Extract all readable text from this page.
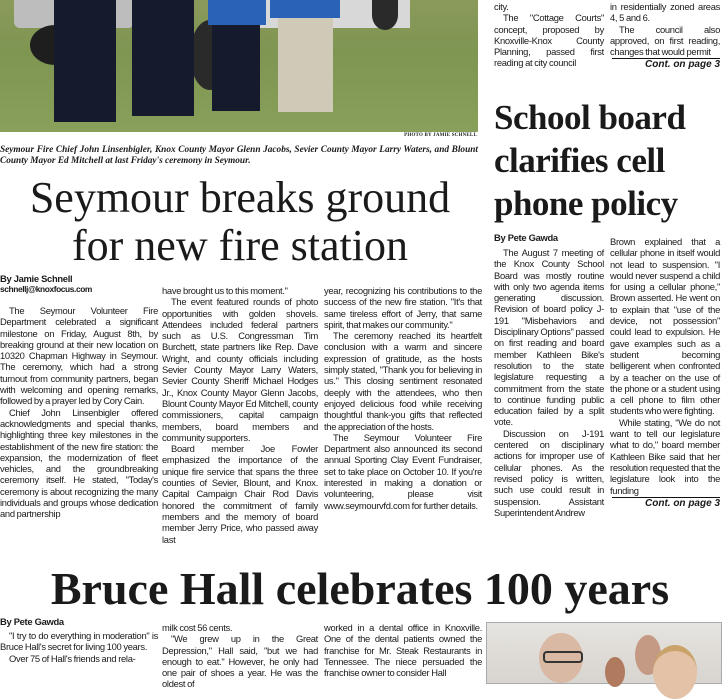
city.

The "Cottage Courts" concept, proposed by Knoxville-Knox County Planning, passed first reading at city council

in residentially zoned areas 4, 5 and 6.

The council also approved, on first reading, changes that would permit

Cont. on page 3
PHOTO BY JAMIE SCHNELL
Seymour Fire Chief John Linsenbigler, Knox County Mayor Glenn Jacobs, Sevier County Mayor Larry Waters, and Blount County Mayor Ed Mitchell at last Friday's ceremony in Seymour.
Seymour breaks ground
for new fire station
By Jamie Schnell
schnellj@knoxfocus.com

The Seymour Volunteer Fire Department celebrated a significant milestone on Friday, August 8th, by breaking ground at their new location on 10320 Chapman Highway in Seymour. The ceremony, which had a strong turnout from community partners, began with welcoming and opening remarks, followed by a prayer led by Cory Cain.

Chief John Linsenbigler offered acknowledgments and special thanks, highlighting three key milestones in the establishment of the new fire station: the expansion, the modernization of fleet vehicles, and the groundbreaking ceremony itself. He stated, "Today's ceremony is about recognizing the many individuals and groups whose dedication and partnership

have brought us to this moment."

The event featured rounds of photo opportunities with golden shovels. Attendees included federal partners such as U.S. Congressman Tim Burchett, state partners like Rep. Dave Wright, and county officials including Sevier County Mayor Larry Waters, Sevier County Sheriff Michael Hodges Jr., Knox County Mayor Glenn Jacobs, Blount County Mayor Ed Mitchell, county commissioners, capital campaign members, board members and community supporters.

Board member Joe Fowler emphasized the importance of the unique fire service that spans the three counties of Sevier, Blount, and Knox. Capital Campaign Chair Rod Davis honored the commitment of family members and the memory of board member Jerry Price, who passed away last

year, recognizing his contributions to the success of the new fire station. "It's that same tireless effort of Jerry, that same spirit, that makes our community."

The ceremony reached its heartfelt conclusion with a warm and sincere expression of gratitude, as the hosts simply stated, "Thank you for believing in us." This closing sentiment resonated deeply with the attendees, who then enjoyed delicious food while receiving thoughtful thank-you gifts that reflected the appreciation of the hosts.

The Seymour Volunteer Fire Department also announced its second annual Sporting Clay Event Fundraiser, set to take place on October 10. If you're interested in making a donation or volunteering, please visit www.seymourvfd.com for further details.

School board clarifies cell phone policy
By Pete Gawda

The August 7 meeting of the Knox County School Board was mostly routine with only two agenda items generating discussion. Revision of board policy J-191 "Misbehaviors and Disciplinary Options" passed on first reading and board member Kathleen Bike's resolution to the state legislature requesting a commitment from the state to continue funding public education failed by a split vote.

Discussion on J-191 centered on disciplinary actions for improper use of cellular phones. As the revised policy is written, such use could result in suspension. Assistant Superintendent Andrew

Brown explained that a cellular phone in itself would not lead to suspension. "I would never suspend a child for using a cellular phone," Brown asserted. He went on to explain that "use of the device, not possession" could lead to expulsion. He gave examples such as a student becoming belligerent when confronted by a teacher on the use of the phone or a student using a cell phone to film other students who were fighting.

While stating, "We do not want to tell our legislature what to do," board member Kathleen Bike said that her resolution requested that the legislature look into the funding

Cont. on page 3
Bruce Hall celebrates 100 years
By Pete Gawda

"I try to do everything in moderation" is Bruce Hall's secret for living 100 years.

Over 75 of Hall's friends and rela-

milk cost 56 cents.

"We grew up in the Great Depression," Hall said, "but we had enough to eat." However, he only had one pair of shoes a year. He was the oldest of

worked in a dental office in Knoxville. One of the dental patients owned the franchise for Mr. Steak Restaurants in Tennessee. The niece persuaded the franchise owner to consider Hall
